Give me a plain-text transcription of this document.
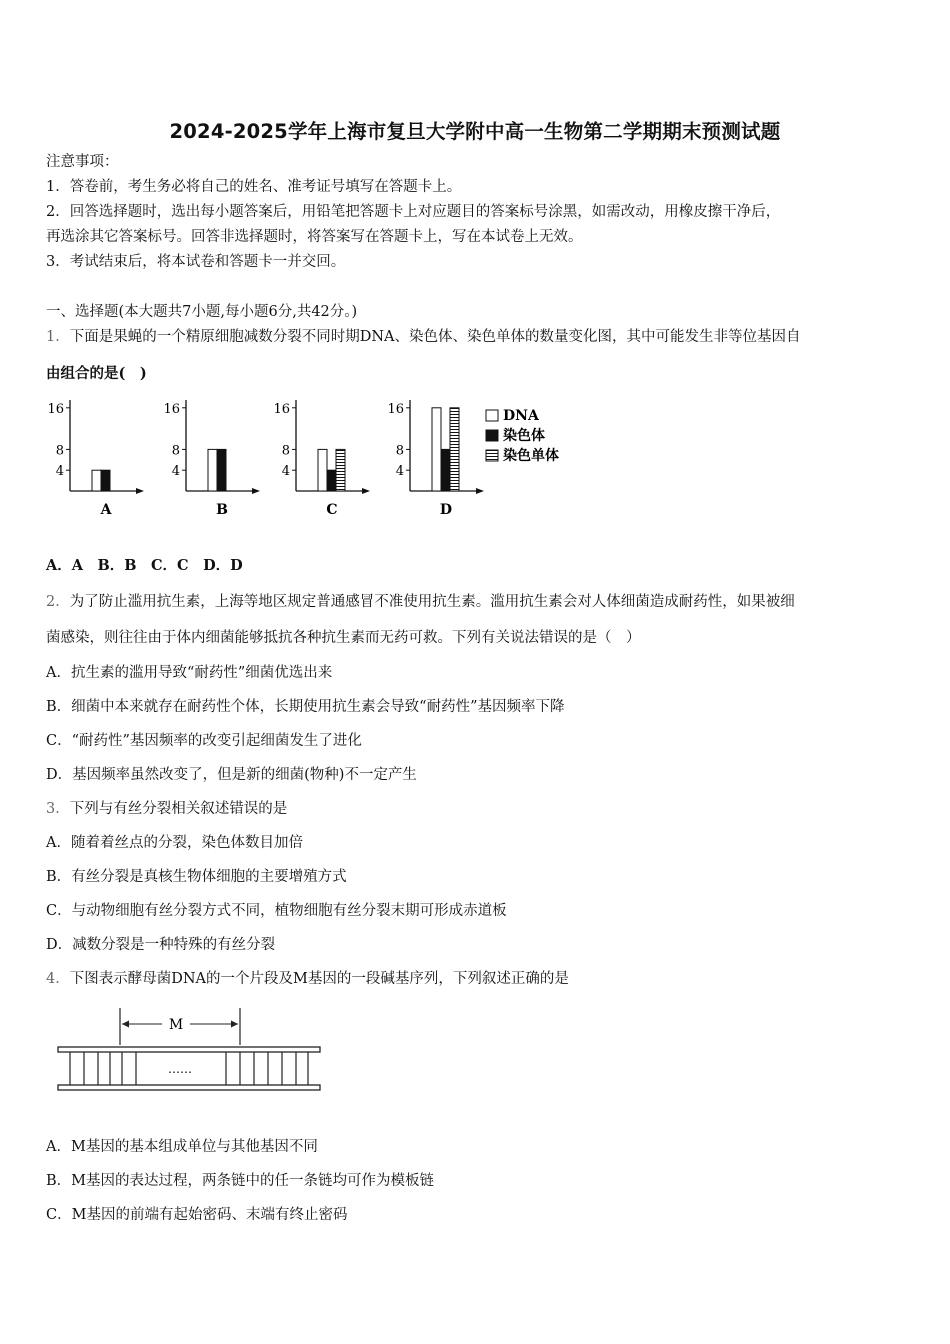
2024-2025学年上海市复旦大学附中高一生物第二学期期末预测试题
注意事项：
1．答卷前，考生务必将自己的姓名、准考证号填写在答题卡上。
2．回答选择题时，选出每小题答案后，用铅笔把答题卡上对应题目的答案标号涂黑，如需改动，用橡皮擦干净后，
再选涂其它答案标号。回答非选择题时，将答案写在答题卡上，写在本试卷上无效。
3．考试结束后，将本试卷和答题卡一并交回。
一、选择题(本大题共7小题,每小题6分,共42分。)
1．下面是果蝇的一个精原细胞减数分裂不同时期DNA、染色体、染色单体的数量变化图，其中可能发生非等位基因自
由组合的是(　)
16
8
4
A
16
8
4
B
16
8
4
C
16
8
4
D
DNA
染色体
染色单体
A．A　B．B　C．C　D．D
2．为了防止滥用抗生素，上海等地区规定普通感冒不准使用抗生素。滥用抗生素会对人体细菌造成耐药性，如果被细
菌感染，则往往由于体内细菌能够抵抗各种抗生素而无药可救。下列有关说法错误的是（　）
A．抗生素的滥用导致“耐药性”细菌优选出来
B．细菌中本来就存在耐药性个体，长期使用抗生素会导致“耐药性”基因频率下降
C．“耐药性”基因频率的改变引起细菌发生了进化
D．基因频率虽然改变了，但是新的细菌(物种)不一定产生
3．下列与有丝分裂相关叙述错误的是
A．随着着丝点的分裂，染色体数目加倍
B．有丝分裂是真核生物体细胞的主要增殖方式
C．与动物细胞有丝分裂方式不同，植物细胞有丝分裂末期可形成赤道板
D．减数分裂是一种特殊的有丝分裂
4．下图表示酵母菌DNA的一个片段及M基因的一段碱基序列，下列叙述正确的是
M
……
A．M基因的基本组成单位与其他基因不同
B．M基因的表达过程，两条链中的任一条链均可作为模板链
C．M基因的前端有起始密码、末端有终止密码
